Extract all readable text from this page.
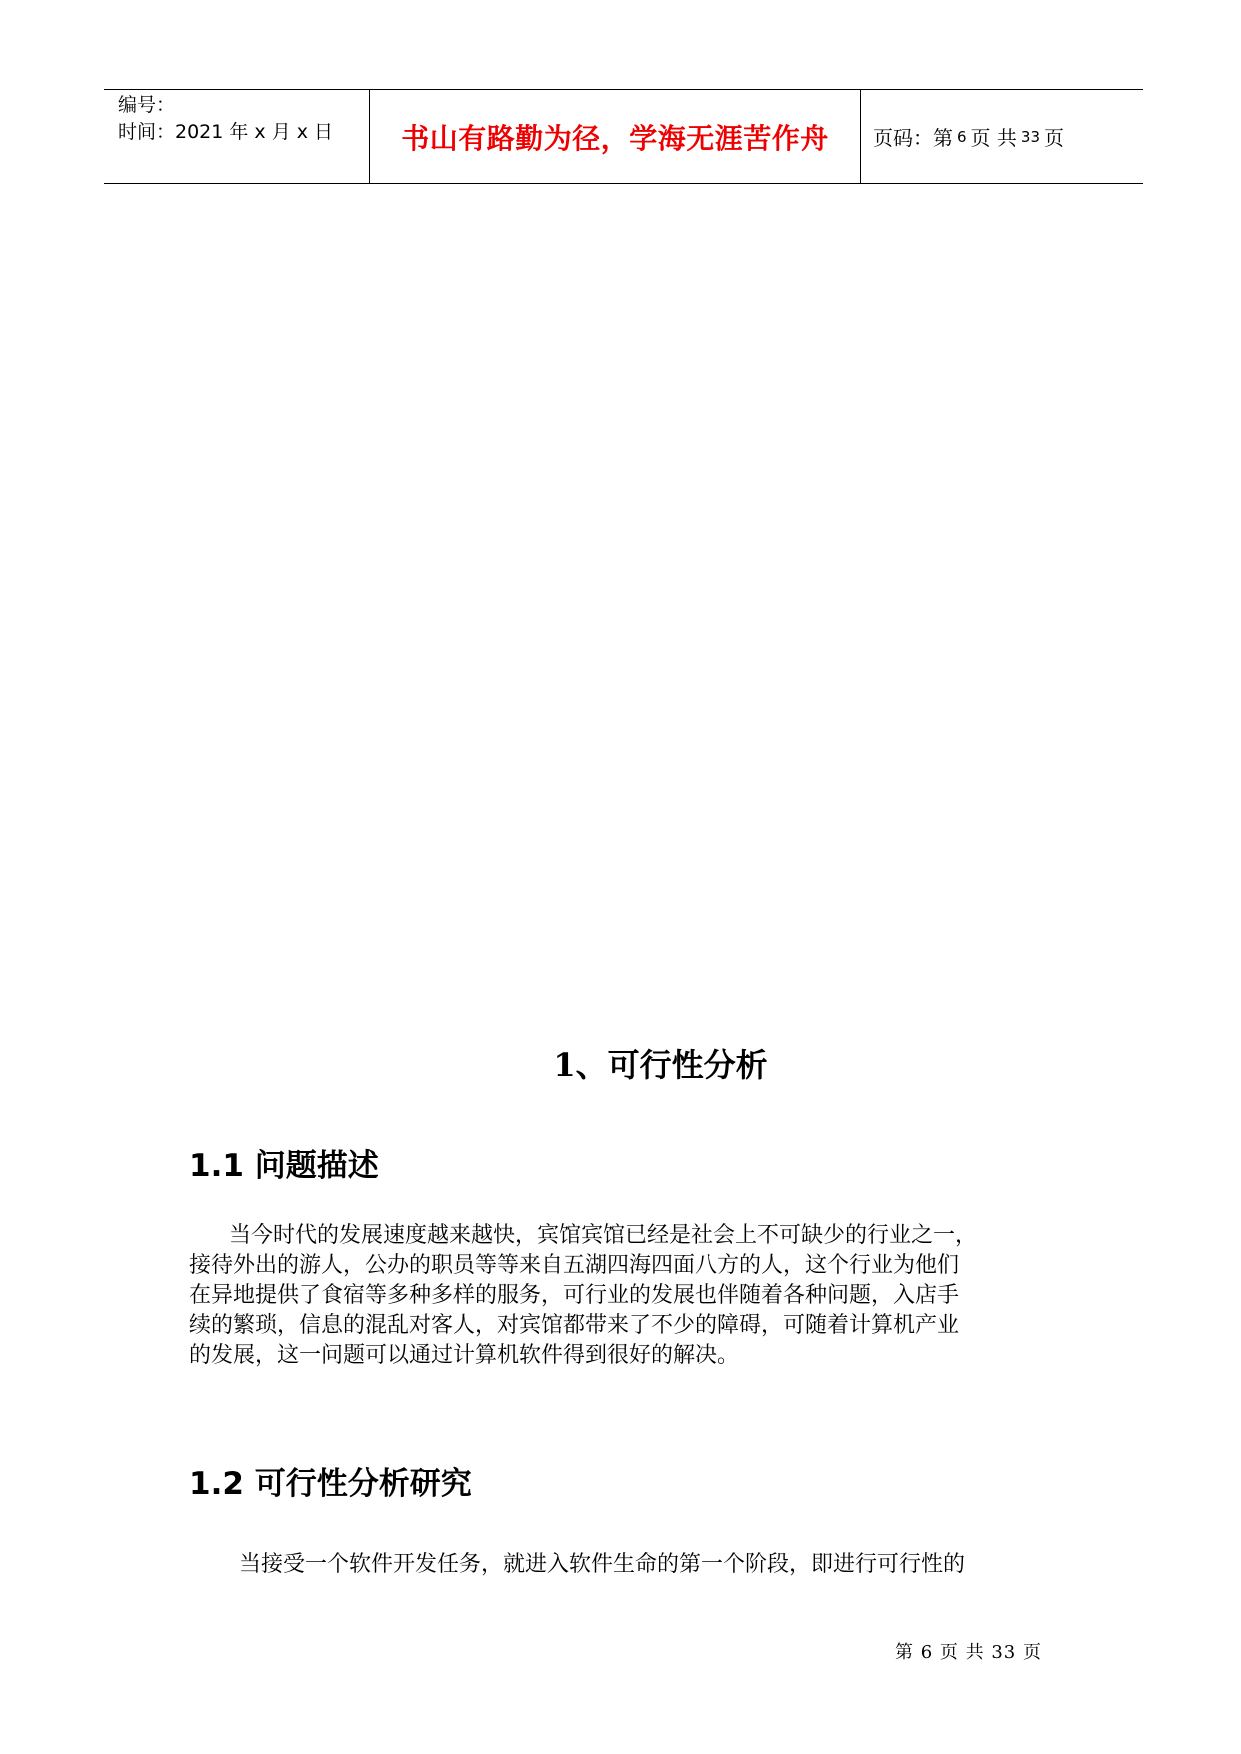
编号：
时间：2021 年 x 月 x 日	书山有路勤为径，学海无涯苦作舟	页码：第 6 页 共 33 页
1、可行性分析
1.1 问题描述
当今时代的发展速度越来越快，宾馆宾馆已经是社会上不可缺少的行业之一，
接待外出的游人，公办的职员等等来自五湖四海四面八方的人，这个行业为他们
在异地提供了食宿等多种多样的服务，可行业的发展也伴随着各种问题，入店手
续的繁琐，信息的混乱对客人，对宾馆都带来了不少的障碍，可随着计算机产业
的发展，这一问题可以通过计算机软件得到很好的解决。
1.2 可行性分析研究
当接受一个软件开发任务，就进入软件生命的第一个阶段，即进行可行性的
第 6 页 共 33 页
